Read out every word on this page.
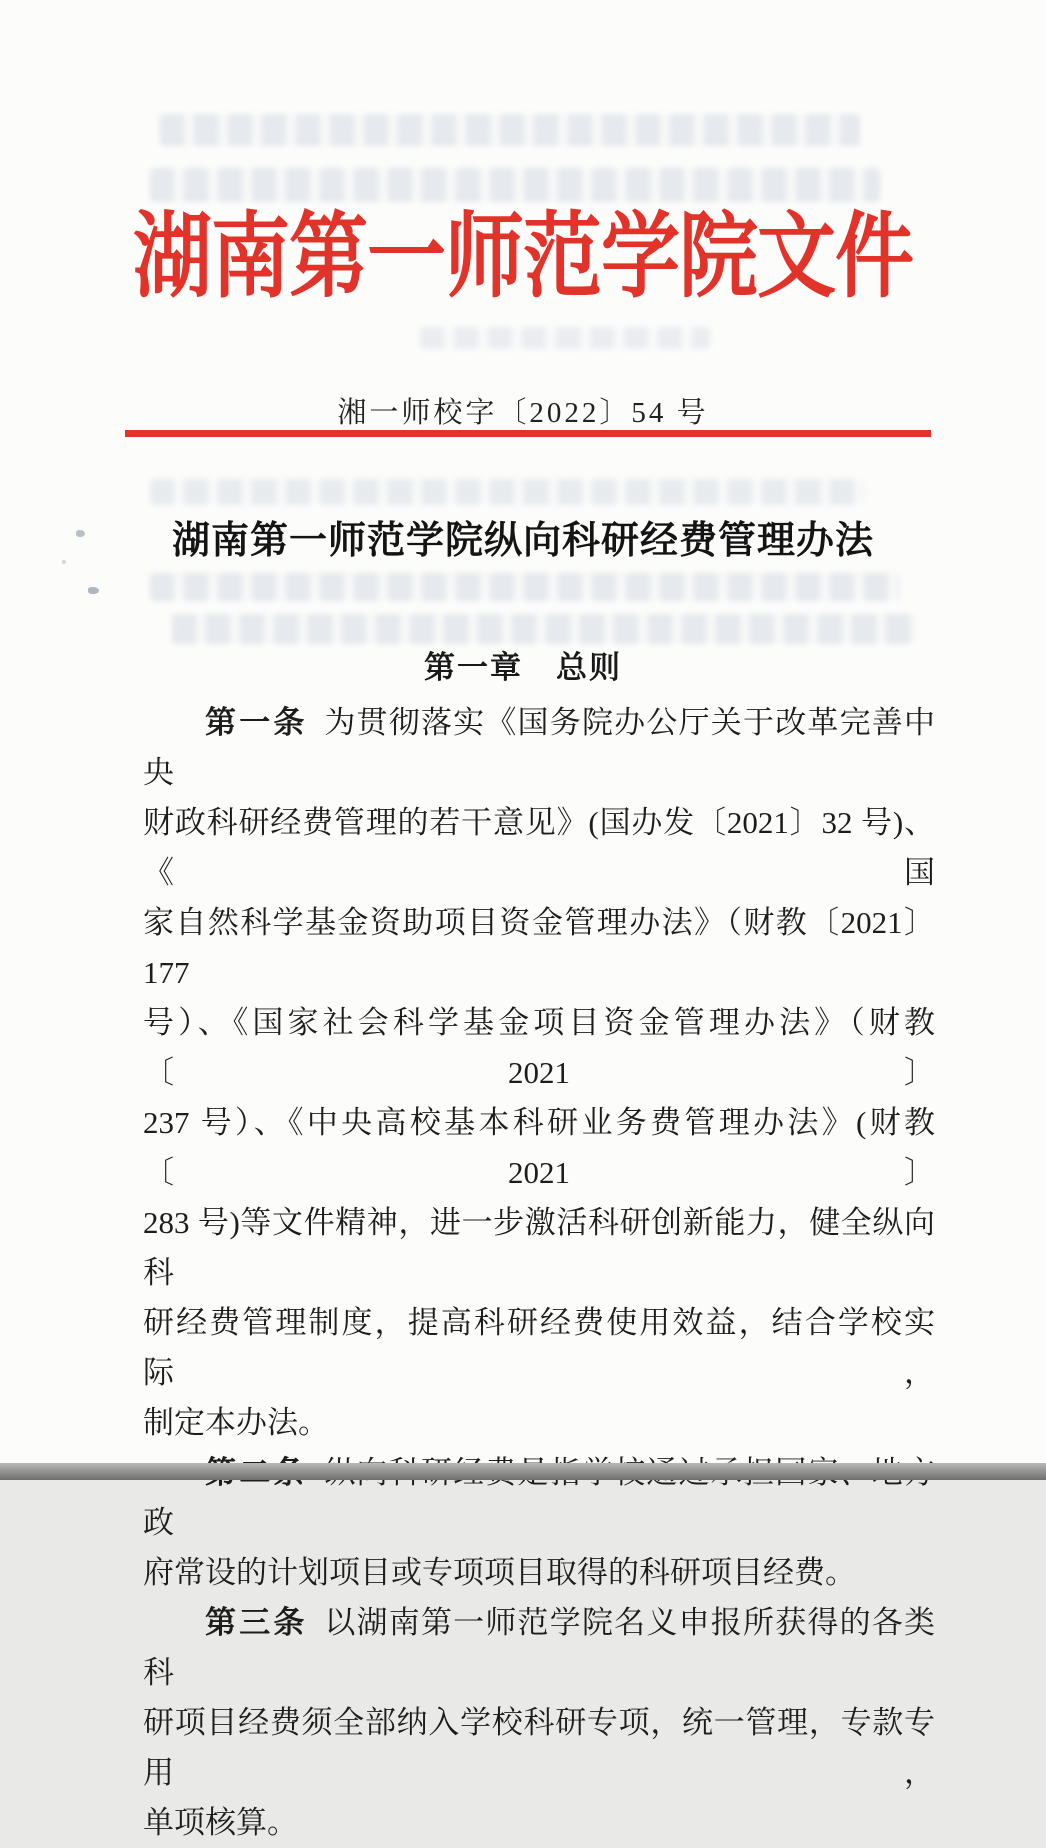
湖南第一师范学院文件
湘一师校字〔2022〕54 号
湖南第一师范学院纵向科研经费管理办法
第一章　总则
第一条 为贯彻落实《国务院办公厅关于改革完善中央
财政科研经费管理的若干意见》(国办发〔2021〕32 号)、《国
家自然科学基金资助项目资金管理办法》（财教〔2021〕177
号）、《国家社会科学基金项目资金管理办法》（财教〔2021〕
237 号）、《中央高校基本科研业务费管理办法》(财教〔2021〕
283 号)等文件精神，进一步激活科研创新能力，健全纵向科
研经费管理制度，提高科研经费使用效益，结合学校实际，
制定本办法。
 政
府常设的计划项目或专项项目取得的科研项目经费。
第三条 以湖南第一师范学院名义申报所获得的各类科
研项目经费须全部纳入学校科研专项，统一管理，专款专用，
单项核算。
